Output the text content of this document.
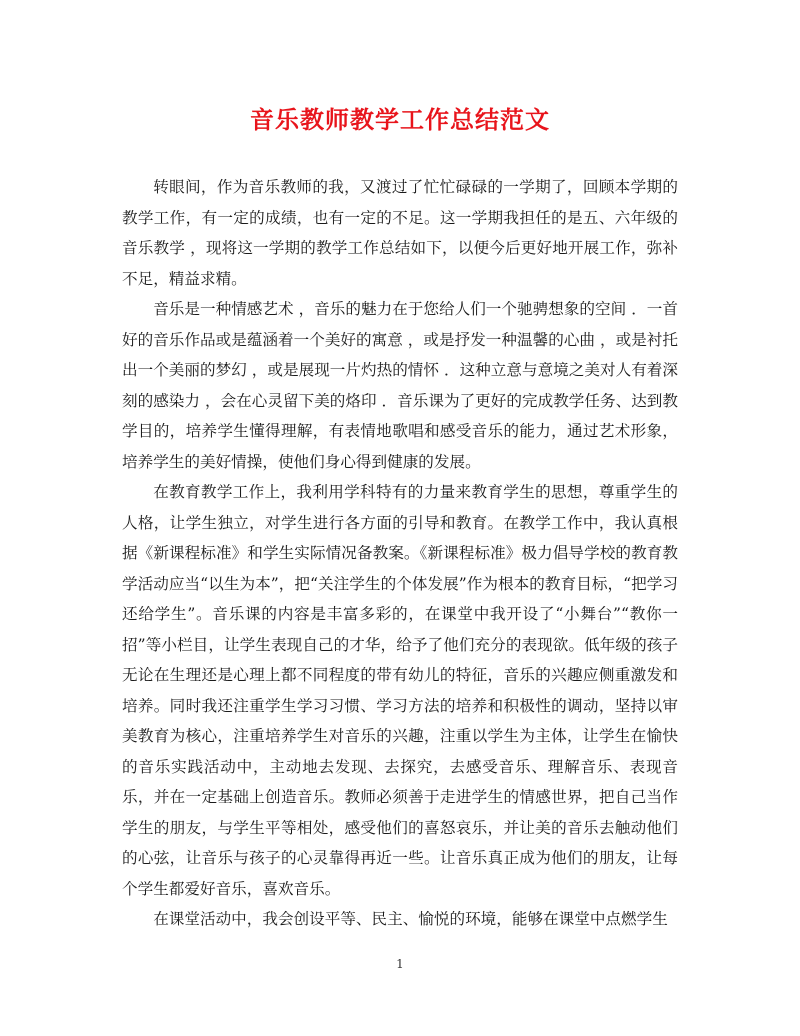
音乐教师教学工作总结范文

转眼间，作为音乐教师的我，又渡过了忙忙碌碌的一学期了，回顾本学期的教学工作，有一定的成绩，也有一定的不足。这一学期我担任的是五、六年级的音乐教学 ，现将这一学期的教学工作总结如下，以便今后更好地开展工作，弥补不足，精益求精。

音乐是一种情感艺术 ，音乐的魅力在于您给人们一个驰骋想象的空间 ．一首好的音乐作品或是蕴涵着一个美好的寓意 ，或是抒发一种温馨的心曲 ，或是衬托出一个美丽的梦幻 ，或是展现一片灼热的情怀 ．这种立意与意境之美对人有着深刻的感染力 ，会在心灵留下美的烙印 ．音乐课为了更好的完成教学任务、达到教学目的，培养学生懂得理解，有表情地歌唱和感受音乐的能力，通过艺术形象，培养学生的美好情操，使他们身心得到健康的发展。

在教育教学工作上，我利用学科特有的力量来教育学生的思想，尊重学生的人格，让学生独立，对学生进行各方面的引导和教育。在教学工作中，我认真根据《新课程标准》和学生实际情况备教案。《新课程标准》极力倡导学校的教育教学活动应当“以生为本”，把“关注学生的个体发展”作为根本的教育目标，“把学习还给学生”。音乐课的内容是丰富多彩的，在课堂中我开设了“小舞台”“教你一招”等小栏目，让学生表现自己的才华，给予了他们充分的表现欲。低年级的孩子无论在生理还是心理上都不同程度的带有幼儿的特征，音乐的兴趣应侧重激发和培养。同时我还注重学生学习习惯、学习方法的培养和积极性的调动，坚持以审美教育为核心，注重培养学生对音乐的兴趣，注重以学生为主体，让学生在愉快的音乐实践活动中，主动地去发现、去探究，去感受音乐、理解音乐、表现音乐，并在一定基础上创造音乐。教师必须善于走进学生的情感世界，把自己当作学生的朋友，与学生平等相处，感受他们的喜怒哀乐，并让美的音乐去触动他们的心弦，让音乐与孩子的心灵靠得再近一些。让音乐真正成为他们的朋友，让每个学生都爱好音乐，喜欢音乐。

在课堂活动中，我会创设平等、民主、愉悦的环境，能够在课堂中点燃学生

1
